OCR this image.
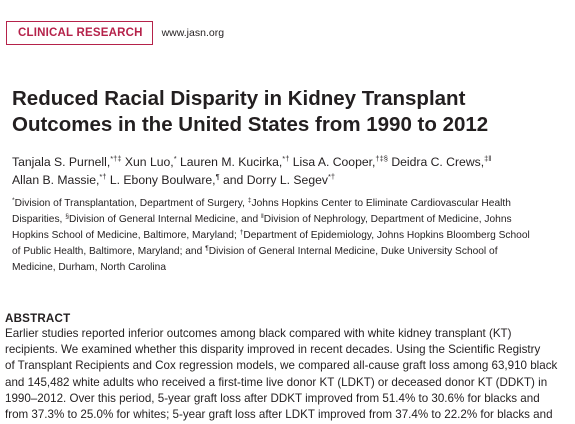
CLINICAL RESEARCH	www.jasn.org
Reduced Racial Disparity in Kidney Transplant
Outcomes in the United States from 1990 to 2012
Tanjala S. Purnell,*†‡ Xun Luo,* Lauren M. Kucirka,*† Lisa A. Cooper,†‡§ Deidra C. Crews,$^{\ddagger ǁ}$
Allan B. Massie,*† L. Ebony Boulware,¶ and Dorry L. Segev*†
*Division of Transplantation, Department of Surgery, ‡Johns Hopkins Center to Eliminate Cardiovascular Health
Disparities, §Division of General Internal Medicine, and $^ǁ$Division of Nephrology, Department of Medicine, Johns
Hopkins School of Medicine, Baltimore, Maryland; †Department of Epidemiology, Johns Hopkins Bloomberg School
of Public Health, Baltimore, Maryland; and ¶Division of General Internal Medicine, Duke University School of
Medicine, Durham, North Carolina
ABSTRACT
Earlier studies reported inferior outcomes among black compared with white kidney transplant (KT)
recipients. We examined whether this disparity improved in recent decades. Using the Scientific Registry
of Transplant Recipients and Cox regression models, we compared all-cause graft loss among 63,910 black
and 145,482 white adults who received a first-time live donor KT (LDKT) or deceased donor KT (DDKT) in
1990–2012. Over this period, 5-year graft loss after DDKT improved from 51.4% to 30.6% for blacks and
from 37.3% to 25.0% for whites; 5-year graft loss after LDKT improved from 37.4% to 22.2% for blacks and
